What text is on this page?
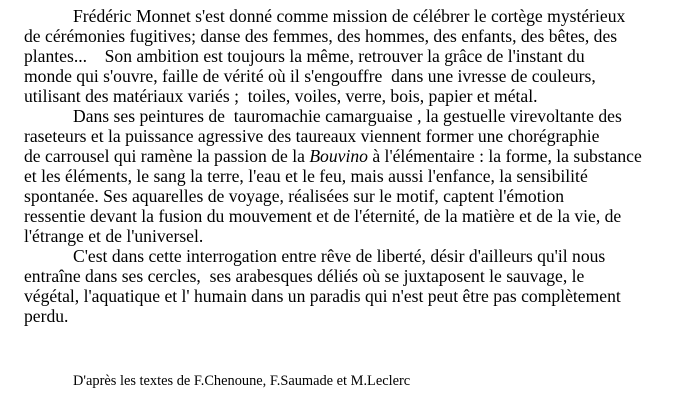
Frédéric Monnet s'est donné comme mission de célébrer le cortège mystérieux
de cérémonies fugitives; danse des femmes, des hommes, des enfants, des bêtes, des
plantes...    Son ambition est toujours la même, retrouver la grâce de l'instant du
monde qui s'ouvre, faille de vérité où il s'engouffre  dans une ivresse de couleurs,
utilisant des matériaux variés ;  toiles, voiles, verre, bois, papier et métal.
Dans ses peintures de  tauromachie camarguaise , la gestuelle virevoltante des
raseteurs et la puissance agressive des taureaux viennent former une chorégraphie
de carrousel qui ramène la passion de la Bouvino à l'élémentaire : la forme, la substance
et les éléments, le sang la terre, l'eau et le feu, mais aussi l'enfance, la sensibilité
spontanée. Ses aquarelles de voyage, réalisées sur le motif, captent l'émotion
ressentie devant la fusion du mouvement et de l'éternité, de la matière et de la vie, de
l'étrange et de l'universel.
C'est dans cette interrogation entre rêve de liberté, désir d'ailleurs qu'il nous
entraîne dans ses cercles,  ses arabesques déliés où se juxtaposent le sauvage, le
végétal, l'aquatique et l' humain dans un paradis qui n'est peut être pas complètement
perdu.
D'après les textes de F.Chenoune, F.Saumade et M.Leclerc
